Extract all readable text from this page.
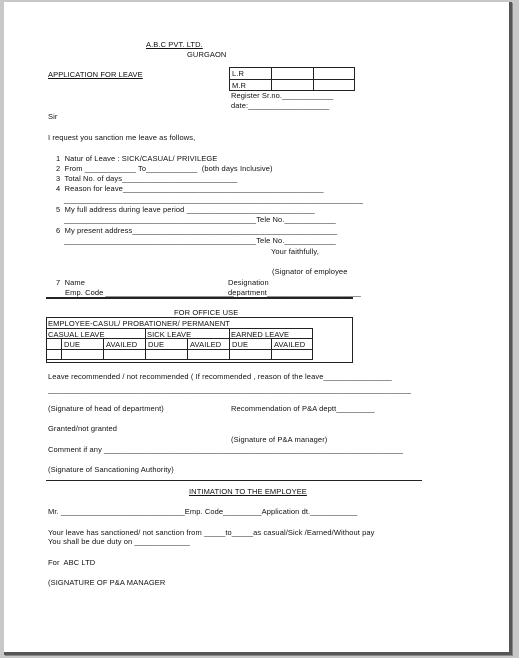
A.B.C PVT. LTD.
GURGAON
APPLICATION FOR LEAVE	L.R
M.R
Register Sr.no.____________
date:___________________
Sir
I request you sanction me leave as follows,
1  Natur of Leave : SICK/CASUAL/ PRIVILEGE
2  From ____________ To____________  (both days Inclusive)
3  Total No. of days___________________________
4  Reason for leave_______________________________________________
______________________________________________________________________
5  My full address during leave period ______________________________
_____________________________________________Tele No.____________
6  My present address________________________________________________
_____________________________________________Tele No.____________
Your faithfully,
(Signator of employee
7  Name
Emp. Code ______________________________
Designation
department______________________
FOR OFFICE USE
EMPLOYEE-CASUL/ PROBATIONER/ PERMANENT
CASUAL LEAVE	SICK LEAVE	EARNED LEAVE
DUE	AVAILED DUE	AVAILED DUE	AVAILED
Leave recommended / not recommended ( If recommended , reason of the leave________________
_____________________________________________________________________________________
(Signature of head of department)	Recommendation of P&A deptt_________
Granted/not granted
(Signature of P&A manager)
Comment if any ______________________________________________________________________
(Signature of Sancationing Authority)
INTIMATION TO THE EMPLOYEE
Mr. _____________________________Emp. Code_________Application dt.___________
Your leave has sanctioned/ not sanction from _____to_____as casual/Sick /Earned/Without pay
You shall be due duty on _____________
For  ABC LTD
(SIGNATURE OF P&A MANAGER
